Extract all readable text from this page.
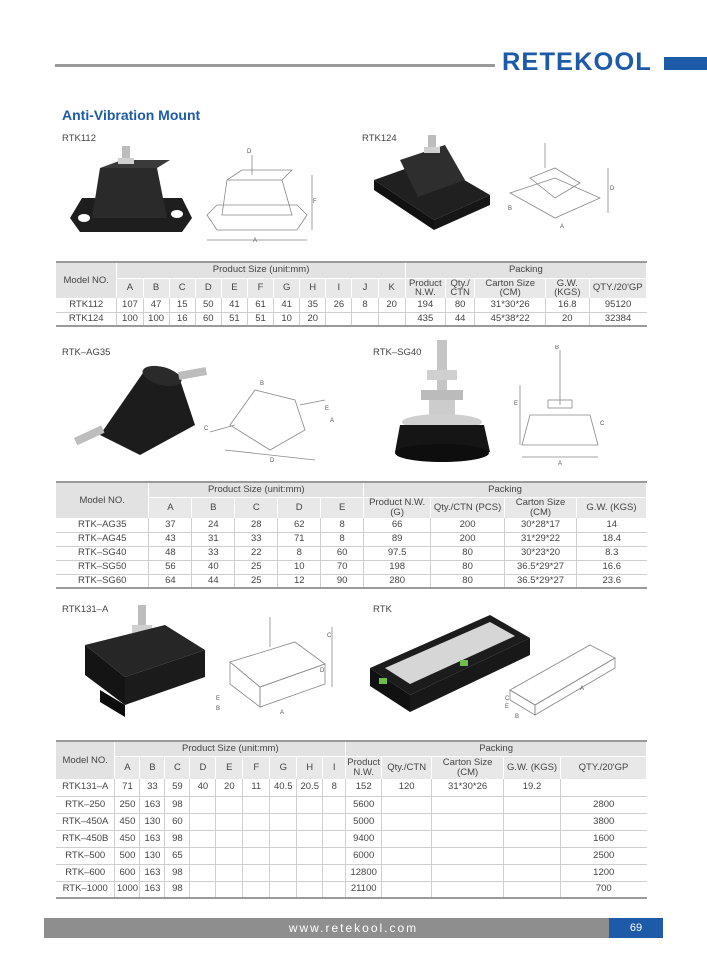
RETEKOOL
Anti-Vibration Mount
RTK112	RTK124
A
F
D
D
A
B
Model NO.	Product Size (unit:mm)											Packing				
	A	B	C	D	E	F	G	H	I	J	K	Product N.W.	Qty./ CTN	Carton Size (CM)	G.W. (KGS)	QTY./20'GP
RTK112	107	47	15	50	41	61	41	35	26	8	20	194	80	31*30*26	16.8	95120
RTK124	100	100	16	60	51	51	10	20				435	44	45*38*22	20	32384
RTK–AG35	RTK–SG40
B
E
A
C
D
B
E
C
A
Model NO.	Product Size (unit:mm)					Packing			
	A	B	C	D	E	Product N.W. (G)	Qty./CTN (PCS)	Carton Size (CM)	G.W. (KGS)
RTK–AG35	37	24	28	62	8	66	200	30*28*17	14
RTK–AG45	43	31	33	71	8	89	200	31*29*22	18.4
RTK–SG40	48	33	22	8	60	97.5	80	30*23*20	8.3
RTK–SG50	56	40	25	10	70	198	80	36.5*29*27	16.6
RTK–SG60	64	44	25	12	90	280	80	36.5*29*27	23.6
RTK131–A	RTK
C
D
A
E
B
C
E
A
B
Model NO.	Product Size (unit:mm)									Packing				
	A	B	C	D	E	F	G	H	I	Product N.W.	Qty./CTN	Carton Size (CM)	G.W. (KGS)	QTY./20'GP
RTK131–A	71	33	59	40	20	11	40.5	20.5	8	152	120	31*30*26	19.2	
RTK–250	250	163	98							5600				2800
RTK–450A	450	130	60							5000				3800
RTK–450B	450	163	98							9400				1600
RTK–500	500	130	65							6000				2500
RTK–600	600	163	98							12800				1200
RTK–1000	1000	163	98							21100				700
www.retekool.com	69
